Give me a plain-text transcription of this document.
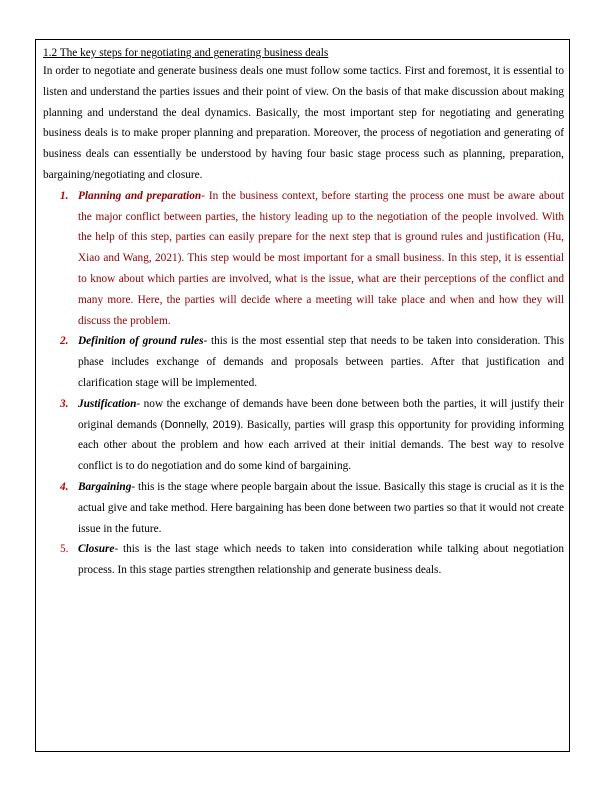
1.2 The key steps for negotiating and generating business deals

In order to negotiate and generate business deals one must follow some tactics. First and foremost, it is essential to listen and understand the parties issues and their point of view. On the basis of that make discussion about making planning and understand the deal dynamics. Basically, the most important step for negotiating and generating business deals is to make proper planning and preparation. Moreover, the process of negotiation and generating of business deals can essentially be understood by having four basic stage process such as planning, preparation, bargaining/negotiating and closure.

1. Planning and preparation- In the business context, before starting the process one must be aware about the major conflict between parties, the history leading up to the negotiation of the people involved. With the help of this step, parties can easily prepare for the next step that is ground rules and justification (Hu, Xiao and Wang, 2021). This step would be most important for a small business. In this step, it is essential to know about which parties are involved, what is the issue, what are their perceptions of the conflict and many more. Here, the parties will decide where a meeting will take place and when and how they will discuss the problem.
2. Definition of ground rules- this is the most essential step that needs to be taken into consideration. This phase includes exchange of demands and proposals between parties. After that justification and clarification stage will be implemented.
3. Justification- now the exchange of demands have been done between both the parties, it will justify their original demands (Donnelly, 2019). Basically, parties will grasp this opportunity for providing informing each other about the problem and how each arrived at their initial demands. The best way to resolve conflict is to do negotiation and do some kind of bargaining.
4. Bargaining- this is the stage where people bargain about the issue. Basically this stage is crucial as it is the actual give and take method. Here bargaining has been done between two parties so that it would not create issue in the future.
5. Closure- this is the last stage which needs to taken into consideration while talking about negotiation process. In this stage parties strengthen relationship and generate business deals.
